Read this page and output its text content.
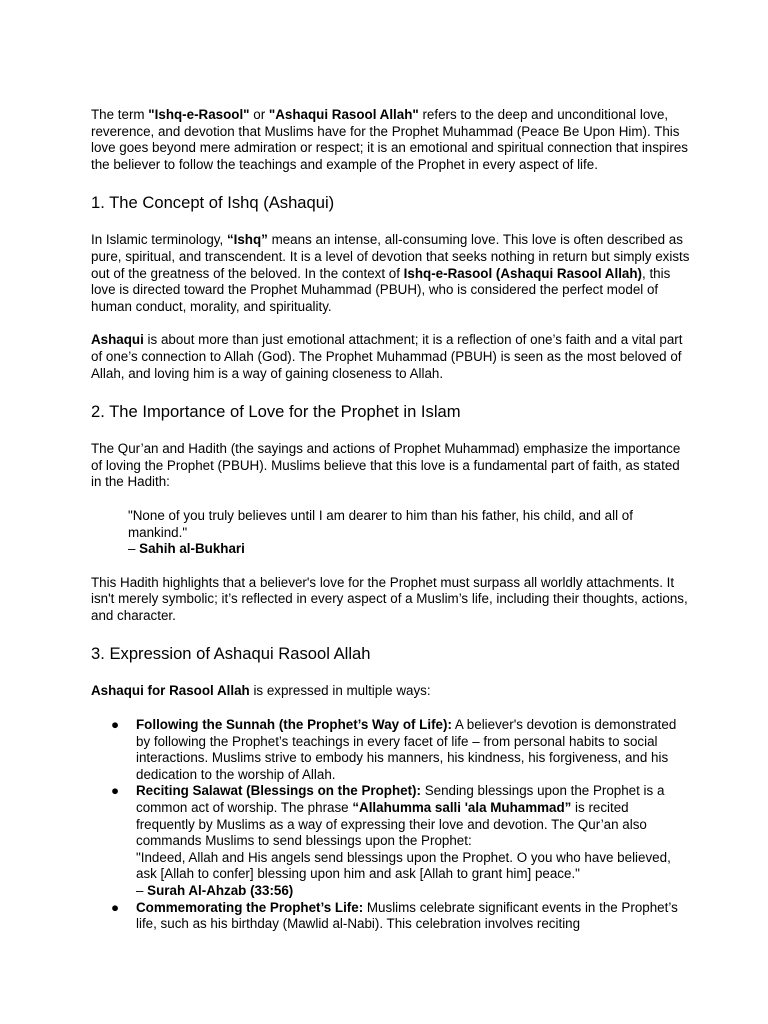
The term "Ishq-e-Rasool" or "Ashaqui Rasool Allah" refers to the deep and unconditional love, reverence, and devotion that Muslims have for the Prophet Muhammad (Peace Be Upon Him). This love goes beyond mere admiration or respect; it is an emotional and spiritual connection that inspires the believer to follow the teachings and example of the Prophet in every aspect of life.

1. The Concept of Ishq (Ashaqui)

In Islamic terminology, “Ishq” means an intense, all-consuming love. This love is often described as pure, spiritual, and transcendent. It is a level of devotion that seeks nothing in return but simply exists out of the greatness of the beloved. In the context of Ishq-e-Rasool (Ashaqui Rasool Allah), this love is directed toward the Prophet Muhammad (PBUH), who is considered the perfect model of human conduct, morality, and spirituality.

Ashaqui is about more than just emotional attachment; it is a reflection of one’s faith and a vital part of one’s connection to Allah (God). The Prophet Muhammad (PBUH) is seen as the most beloved of Allah, and loving him is a way of gaining closeness to Allah.

2. The Importance of Love for the Prophet in Islam

The Qur’an and Hadith (the sayings and actions of Prophet Muhammad) emphasize the importance of loving the Prophet (PBUH). Muslims believe that this love is a fundamental part of faith, as stated in the Hadith:

"None of you truly believes until I am dearer to him than his father, his child, and all of mankind."
– Sahih al-Bukhari

This Hadith highlights that a believer's love for the Prophet must surpass all worldly attachments. It isn't merely symbolic; it’s reflected in every aspect of a Muslim’s life, including their thoughts, actions, and character.

3. Expression of Ashaqui Rasool Allah

Ashaqui for Rasool Allah is expressed in multiple ways:

● Following the Sunnah (the Prophet’s Way of Life): A believer's devotion is demonstrated by following the Prophet’s teachings in every facet of life – from personal habits to social interactions. Muslims strive to embody his manners, his kindness, his forgiveness, and his dedication to the worship of Allah.
● Reciting Salawat (Blessings on the Prophet): Sending blessings upon the Prophet is a common act of worship. The phrase “Allahumma salli 'ala Muhammad” is recited frequently by Muslims as a way of expressing their love and devotion. The Qur’an also commands Muslims to send blessings upon the Prophet:
"Indeed, Allah and His angels send blessings upon the Prophet. O you who have believed, ask [Allah to confer] blessing upon him and ask [Allah to grant him] peace."
– Surah Al-Ahzab (33:56)
● Commemorating the Prophet’s Life: Muslims celebrate significant events in the Prophet’s life, such as his birthday (Mawlid al-Nabi). This celebration involves reciting
